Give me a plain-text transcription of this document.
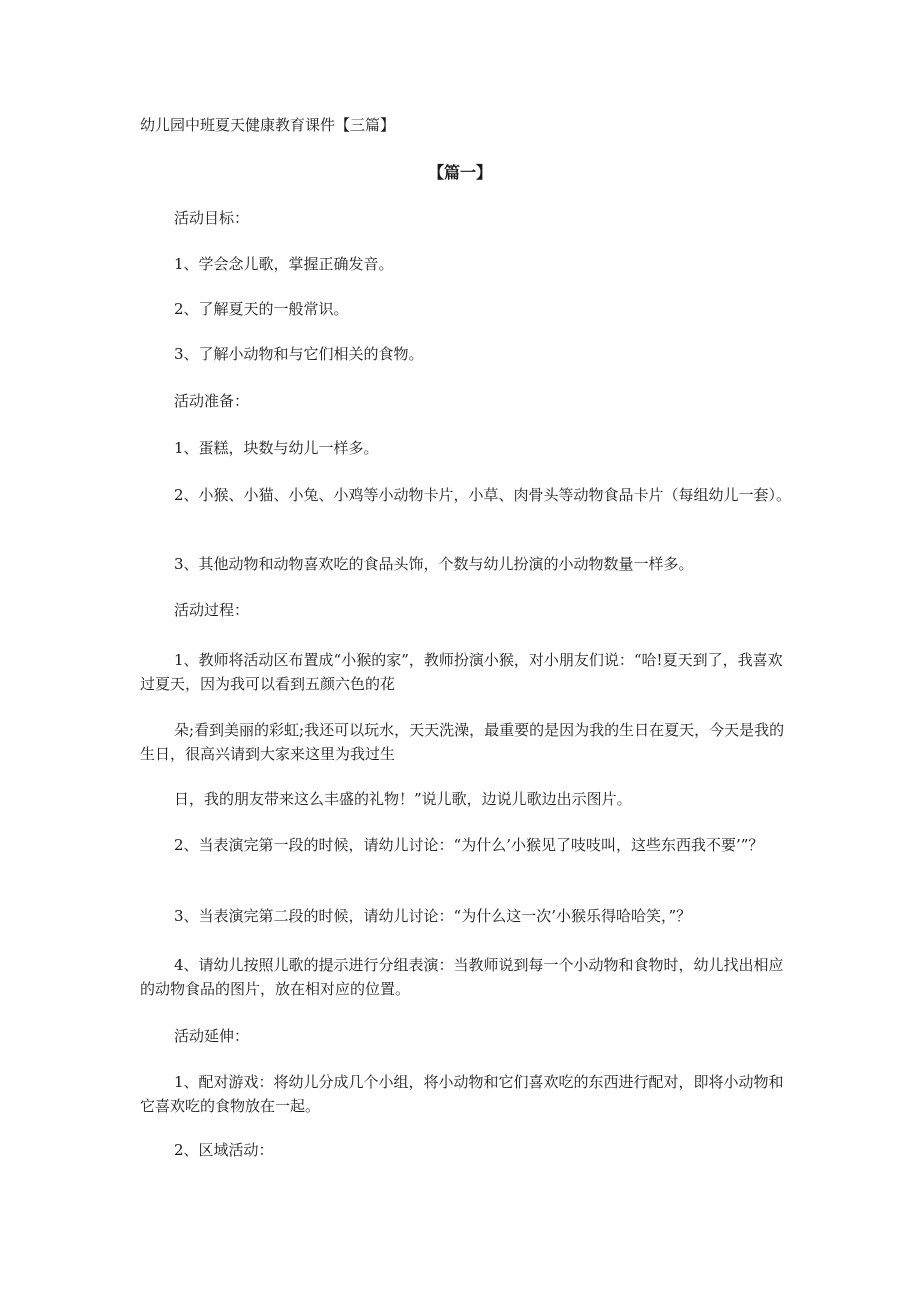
幼儿园中班夏天健康教育课件【三篇】
【篇一】

活动目标：

1、学会念儿歌，掌握正确发音。

2、了解夏天的一般常识。

3、了解小动物和与它们相关的食物。

活动准备：

1、蛋糕，块数与幼儿一样多。

2、小猴、小猫、小兔、小鸡等小动物卡片，小草、肉骨头等动物食品卡片（每组幼儿一套）。

3、其他动物和动物喜欢吃的食品头饰，个数与幼儿扮演的小动物数量一样多。

活动过程：

1、教师将活动区布置成“小猴的家”，教师扮演小猴，对小朋友们说：“哈!夏天到了，我喜欢过夏天，因为我可以看到五颜六色的花

朵;看到美丽的彩虹;我还可以玩水，天天洗澡，最重要的是因为我的生日在夏天，今天是我的生日，很高兴请到大家来这里为我过生

日，我的朋友带来这么丰盛的礼物！”说儿歌，边说儿歌边出示图片。

2、当表演完第一段的时候，请幼儿讨论：“为什么’小猴见了吱吱叫，这些东西我不要’”？

3、当表演完第二段的时候，请幼儿讨论：“为什么这一次’小猴乐得哈哈笑，”？

4、请幼儿按照儿歌的提示进行分组表演：当教师说到每一个小动物和食物时，幼儿找出相应的动物食品的图片，放在相对应的位置。

活动延伸：

1、配对游戏：将幼儿分成几个小组，将小动物和它们喜欢吃的东西进行配对，即将小动物和它喜欢吃的食物放在一起。

2、区域活动：
